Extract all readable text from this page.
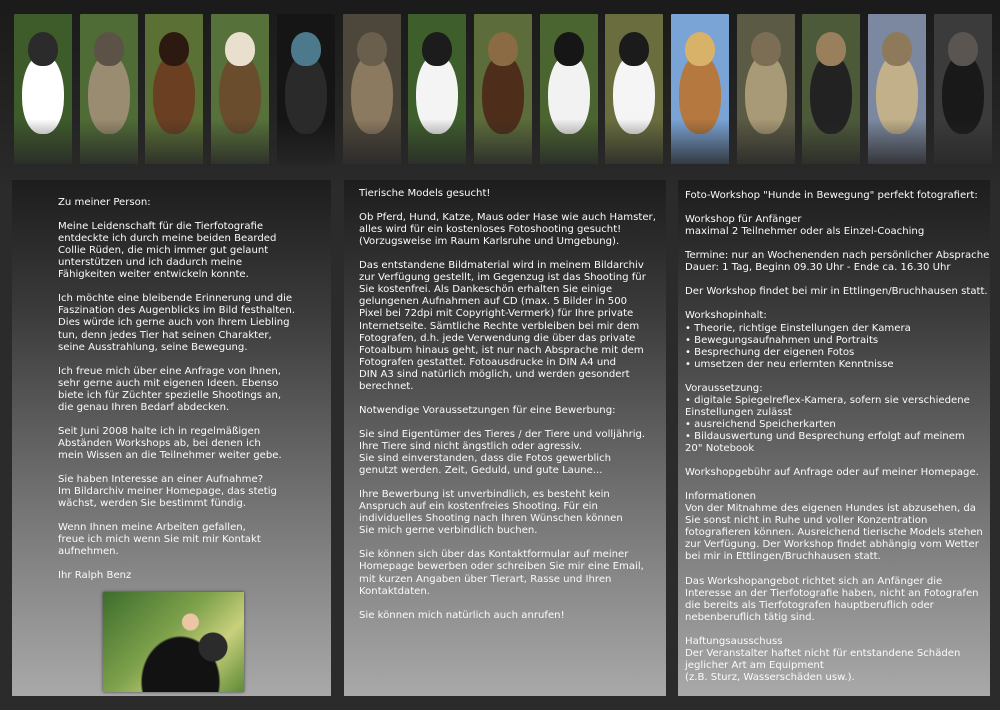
Zu meiner Person:

Meine Leidenschaft für die Tierfotografie
entdeckte ich durch meine beiden Bearded
Collie Rüden, die mich immer gut gelaunt
unterstützen und ich dadurch meine
Fähigkeiten weiter entwickeln konnte.

Ich möchte eine bleibende Erinnerung und die
Faszination des Augenblicks im Bild festhalten.
Dies würde ich gerne auch von Ihrem Liebling
tun, denn jedes Tier hat seinen Charakter,
seine Ausstrahlung, seine Bewegung.

Ich freue mich über eine Anfrage von Ihnen,
sehr gerne auch mit eigenen Ideen. Ebenso
biete ich für Züchter spezielle Shootings an,
die genau Ihren Bedarf abdecken.

Seit Juni 2008 halte ich in regelmäßigen
Abständen Workshops ab, bei denen ich
mein Wissen an die Teilnehmer weiter gebe.

Sie haben Interesse an einer Aufnahme?
Im Bildarchiv meiner Homepage, das stetig
wächst, werden Sie bestimmt fündig.

Wenn Ihnen meine Arbeiten gefallen,
freue ich mich wenn Sie mit mir Kontakt
aufnehmen.

Ihr Ralph Benz
Tierische Models gesucht!

Ob Pferd, Hund, Katze, Maus oder Hase wie auch Hamster,
alles wird für ein kostenloses Fotoshooting gesucht!
(Vorzugsweise im Raum Karlsruhe und Umgebung).

Das entstandene Bildmaterial wird in meinem Bildarchiv
zur Verfügung gestellt, im Gegenzug ist das Shooting für
Sie kostenfrei. Als Dankeschön erhalten Sie einige
gelungenen Aufnahmen auf CD (max. 5 Bilder in 500
Pixel bei 72dpi mit Copyright-Vermerk) für Ihre private
Internetseite. Sämtliche Rechte verbleiben bei mir dem
Fotografen, d.h. jede Verwendung die über das private
Fotoalbum hinaus geht, ist nur nach Absprache mit dem
Fotografen gestattet. Fotoausdrucke in DIN A4 und
DIN A3 sind natürlich möglich, und werden gesondert
berechnet.

Notwendige Voraussetzungen für eine Bewerbung:

Sie sind Eigentümer des Tieres / der Tiere und volljährig.
Ihre Tiere sind nicht ängstlich oder agressiv.
Sie sind einverstanden, dass die Fotos gewerblich
genutzt werden. Zeit, Geduld, und gute Laune...

Ihre Bewerbung ist unverbindlich, es besteht kein
Anspruch auf ein kostenfreies Shooting. Für ein
individuelles Shooting nach Ihren Wünschen können
Sie mich gerne verbindlich buchen.

Sie können sich über das Kontaktformular auf meiner
Homepage bewerben oder schreiben Sie mir eine Email,
mit kurzen Angaben über Tierart, Rasse und Ihren
Kontaktdaten.

Sie können mich natürlich auch anrufen!
Foto-Workshop "Hunde in Bewegung" perfekt fotografiert:

Workshop für Anfänger
maximal 2 Teilnehmer oder als Einzel-Coaching

Termine: nur an Wochenenden nach persönlicher Absprache
Dauer: 1 Tag, Beginn 09.30 Uhr - Ende ca. 16.30 Uhr

Der Workshop findet bei mir in Ettlingen/Bruchhausen statt.

Workshopinhalt:
• Theorie, richtige Einstellungen der Kamera
• Bewegungsaufnahmen und Portraits
• Besprechung der eigenen Fotos
• umsetzen der neu erlernten Kenntnisse

Voraussetzung:
• digitale Spiegelreflex-Kamera, sofern sie verschiedene
Einstellungen zulässt
• ausreichend Speicherkarten
• Bildauswertung und Besprechung erfolgt auf meinem
20" Notebook

Workshopgebühr auf Anfrage oder auf meiner Homepage.

Informationen
Von der Mitnahme des eigenen Hundes ist abzusehen, da
Sie sonst nicht in Ruhe und voller Konzentration
fotografieren können. Ausreichend tierische Models stehen
zur Verfügung. Der Workshop findet abhängig vom Wetter
bei mir in Ettlingen/Bruchhausen statt.

Das Workshopangebot richtet sich an Anfänger die
Interesse an der Tierfotografie haben, nicht an Fotografen
die bereits als Tierfotografen hauptberuflich oder
nebenberuflich tätig sind.

Haftungsausschuss
Der Veranstalter haftet nicht für entstandene Schäden
jeglicher Art am Equipment
(z.B. Sturz, Wasserschäden usw.).
